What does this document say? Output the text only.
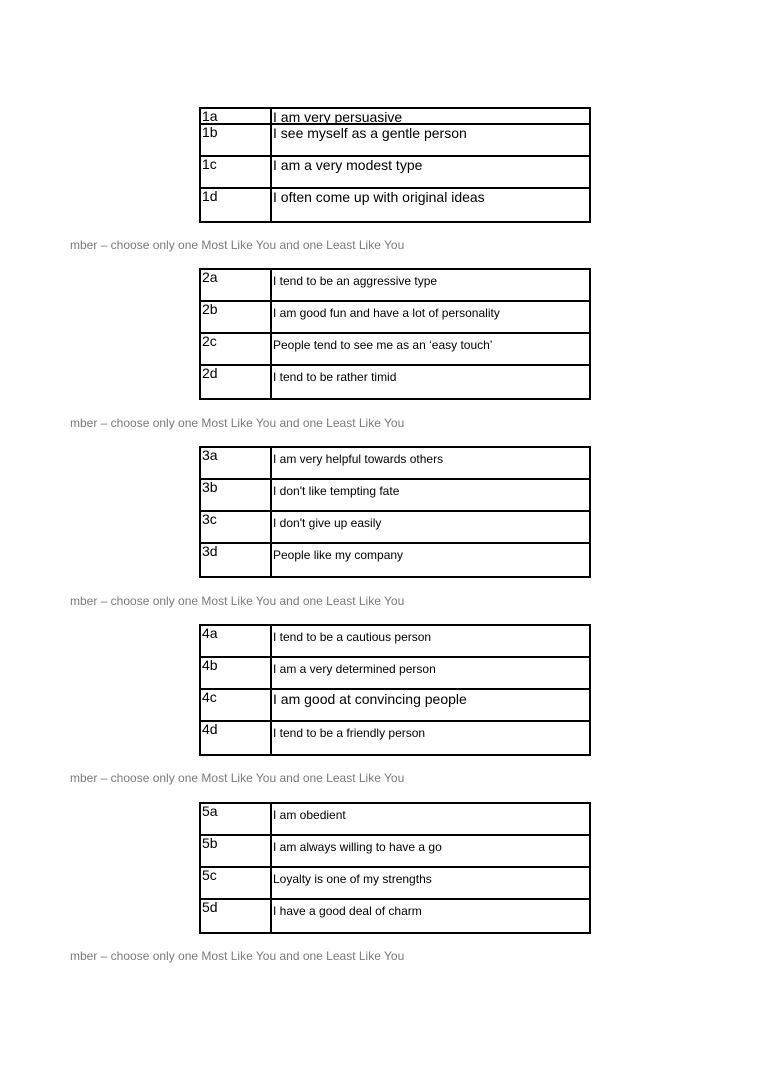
1a	I am very persuasive
1b	I see myself as a gentle person
1c	I am a very modest type
1d	I often come up with original ideas
mber – choose only one Most Like You and one Least Like You
2a	I tend to be an aggressive type
2b	I am good fun and have a lot of personality
2c	People tend to see me as an ‘easy touch’
2d	I tend to be rather timid
mber – choose only one Most Like You and one Least Like You
3a	I am very helpful towards others
3b	I don't like tempting fate
3c	I don't give up easily
3d	People like my company
mber – choose only one Most Like You and one Least Like You
4a	I tend to be a cautious person
4b	I am a very determined person
4c	I am good at convincing people
4d	I tend to be a friendly person
mber – choose only one Most Like You and one Least Like You
5a	I am obedient
5b	I am always willing to have a go
5c	Loyalty is one of my strengths
5d	I have a good deal of charm
mber – choose only one Most Like You and one Least Like You
